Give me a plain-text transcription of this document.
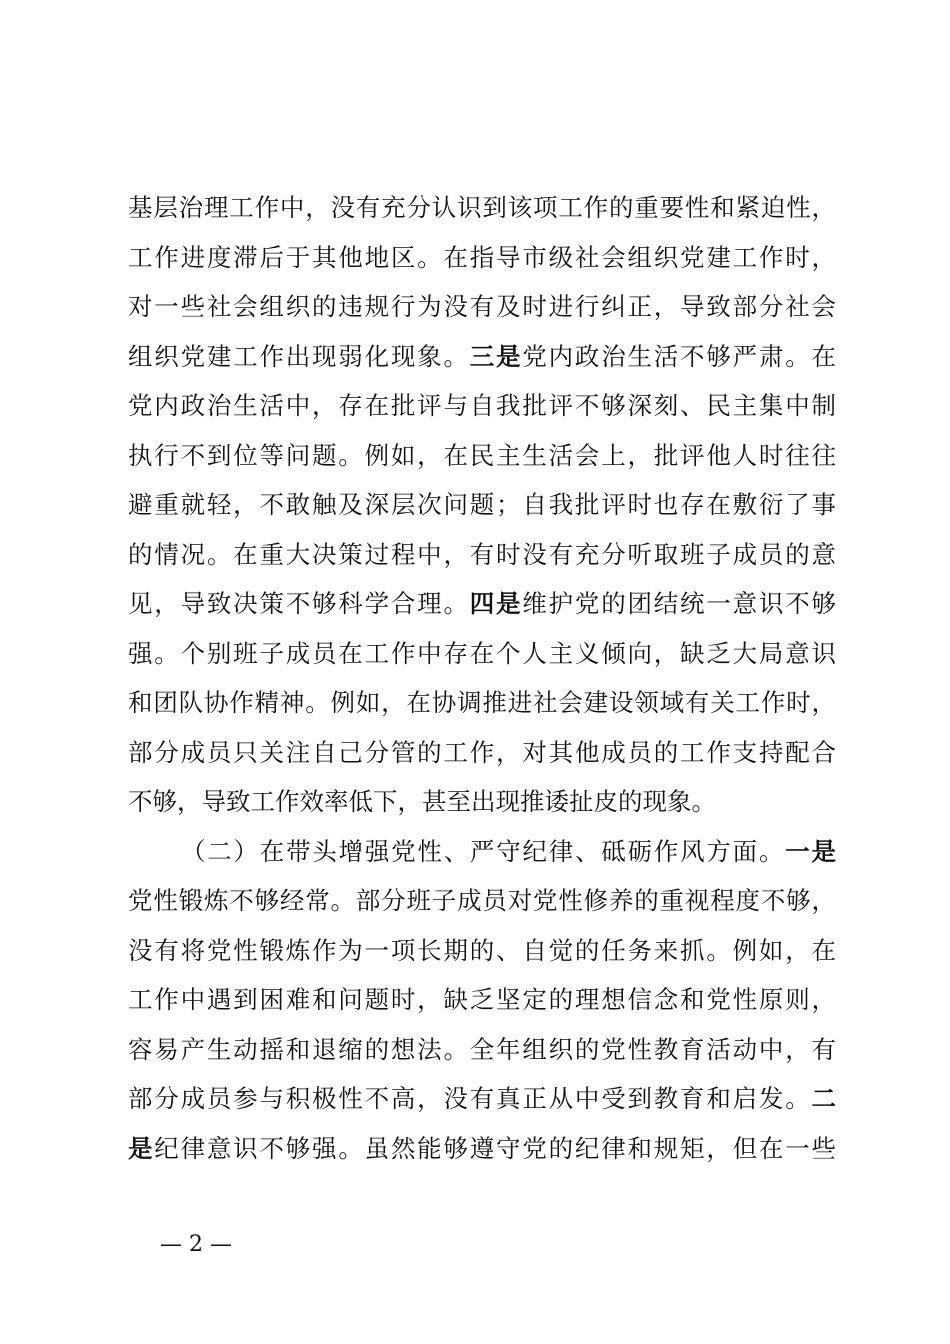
基层治理工作中，没有充分认识到该项工作的重要性和紧迫性，
工作进度滞后于其他地区。在指导市级社会组织党建工作时，
对一些社会组织的违规行为没有及时进行纠正，导致部分社会
组织党建工作出现弱化现象。三是党内政治生活不够严肃。在
党内政治生活中，存在批评与自我批评不够深刻、民主集中制
执行不到位等问题。例如，在民主生活会上，批评他人时往往
避重就轻，不敢触及深层次问题；自我批评时也存在敷衍了事
的情况。在重大决策过程中，有时没有充分听取班子成员的意
见，导致决策不够科学合理。四是维护党的团结统一意识不够
强。个别班子成员在工作中存在个人主义倾向，缺乏大局意识
和团队协作精神。例如，在协调推进社会建设领域有关工作时，
部分成员只关注自己分管的工作，对其他成员的工作支持配合
不够，导致工作效率低下，甚至出现推诿扯皮的现象。
（二）在带头增强党性、严守纪律、砥砺作风方面。一是
党性锻炼不够经常。部分班子成员对党性修养的重视程度不够，
没有将党性锻炼作为一项长期的、自觉的任务来抓。例如，在
工作中遇到困难和问题时，缺乏坚定的理想信念和党性原则，
容易产生动摇和退缩的想法。全年组织的党性教育活动中，有
部分成员参与积极性不高，没有真正从中受到教育和启发。二
是纪律意识不够强。虽然能够遵守党的纪律和规矩，但在一些
— 2 —
